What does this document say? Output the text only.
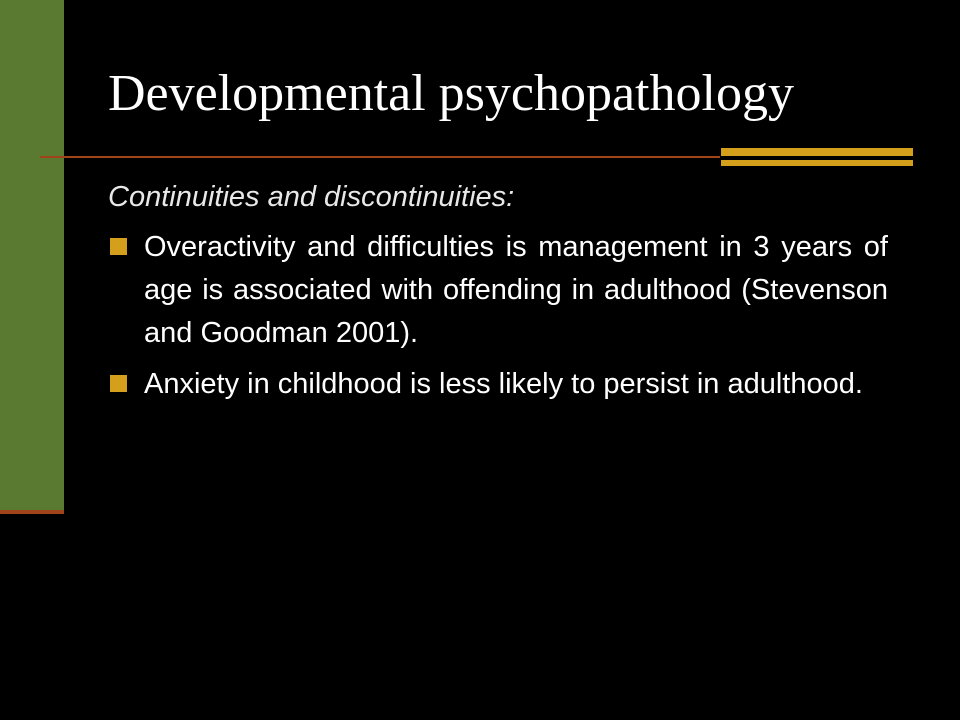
Developmental psychopathology

Continuities and discontinuities:

Overactivity and difficulties is management in 3 years of age is associated with offending in adulthood (Stevenson and Goodman 2001).
Anxiety in childhood is less likely to persist in adulthood.
